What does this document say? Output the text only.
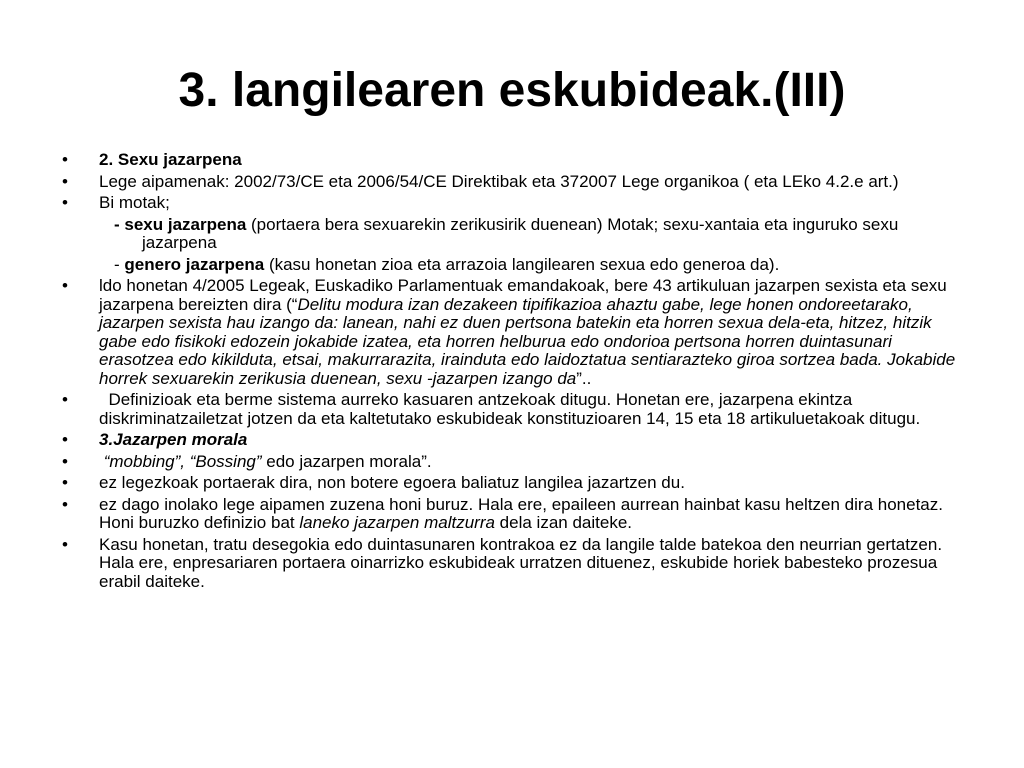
3. langilearen eskubideak.(III)
• 2. Sexu jazarpena
• Lege aipamenak: 2002/73/CE eta 2006/54/CE Direktibak eta 372007 Lege organikoa ( eta LEko 4.2.e art.)
• Bi motak;
- sexu jazarpena (portaera bera sexuarekin zerikusirik duenean) Motak; sexu-xantaia eta inguruko sexu jazarpena
- genero jazarpena (kasu honetan zioa eta arrazoia langilearen sexua edo generoa da).
• ldo honetan 4/2005 Legeak, Euskadiko Parlamentuak emandakoak, bere 43 artikuluan jazarpen sexista eta sexu jazarpena bereizten dira (“Delitu modura izan dezakeen tipifikazioa ahaztu gabe, lege honen ondoreetarako, jazarpen sexista hau izango da: lanean, nahi ez duen pertsona batekin eta horren sexua dela-eta, hitzez, hitzik gabe edo fisikoki edozein jokabide izatea, eta horren helburua edo ondorioa pertsona horren duintasunari erasotzea edo kikilduta, etsai, makurrarazita, irainduta edo laidoztatua sentiarazteko giroa sortzea bada. Jokabide horrek sexuarekin zerikusia duenean, sexu -jazarpen izango da”..
• Definizioak eta berme sistema aurreko kasuaren antzekoak ditugu. Honetan ere, jazarpena ekintza diskriminatzailetzat jotzen da eta kaltetutako eskubideak konstituzioaren 14, 15 eta 18 artikuluetakoak ditugu.
• 3.Jazarpen morala
• “mobbing”, “Bossing” edo jazarpen morala”.
• ez legezkoak portaerak dira, non botere egoera baliatuz langilea jazartzen du.
• ez dago inolako lege aipamen zuzena honi buruz. Hala ere, epaileen aurrean hainbat kasu heltzen dira honetaz. Honi buruzko definizio bat laneko jazarpen maltzurra dela izan daiteke.
• Kasu honetan, tratu desegokia edo duintasunaren kontrakoa ez da langile talde batekoa den neurrian gertatzen. Hala ere, enpresariaren portaera oinarrizko eskubideak urratzen dituenez, eskubide horiek babesteko prozesua erabil daiteke.
